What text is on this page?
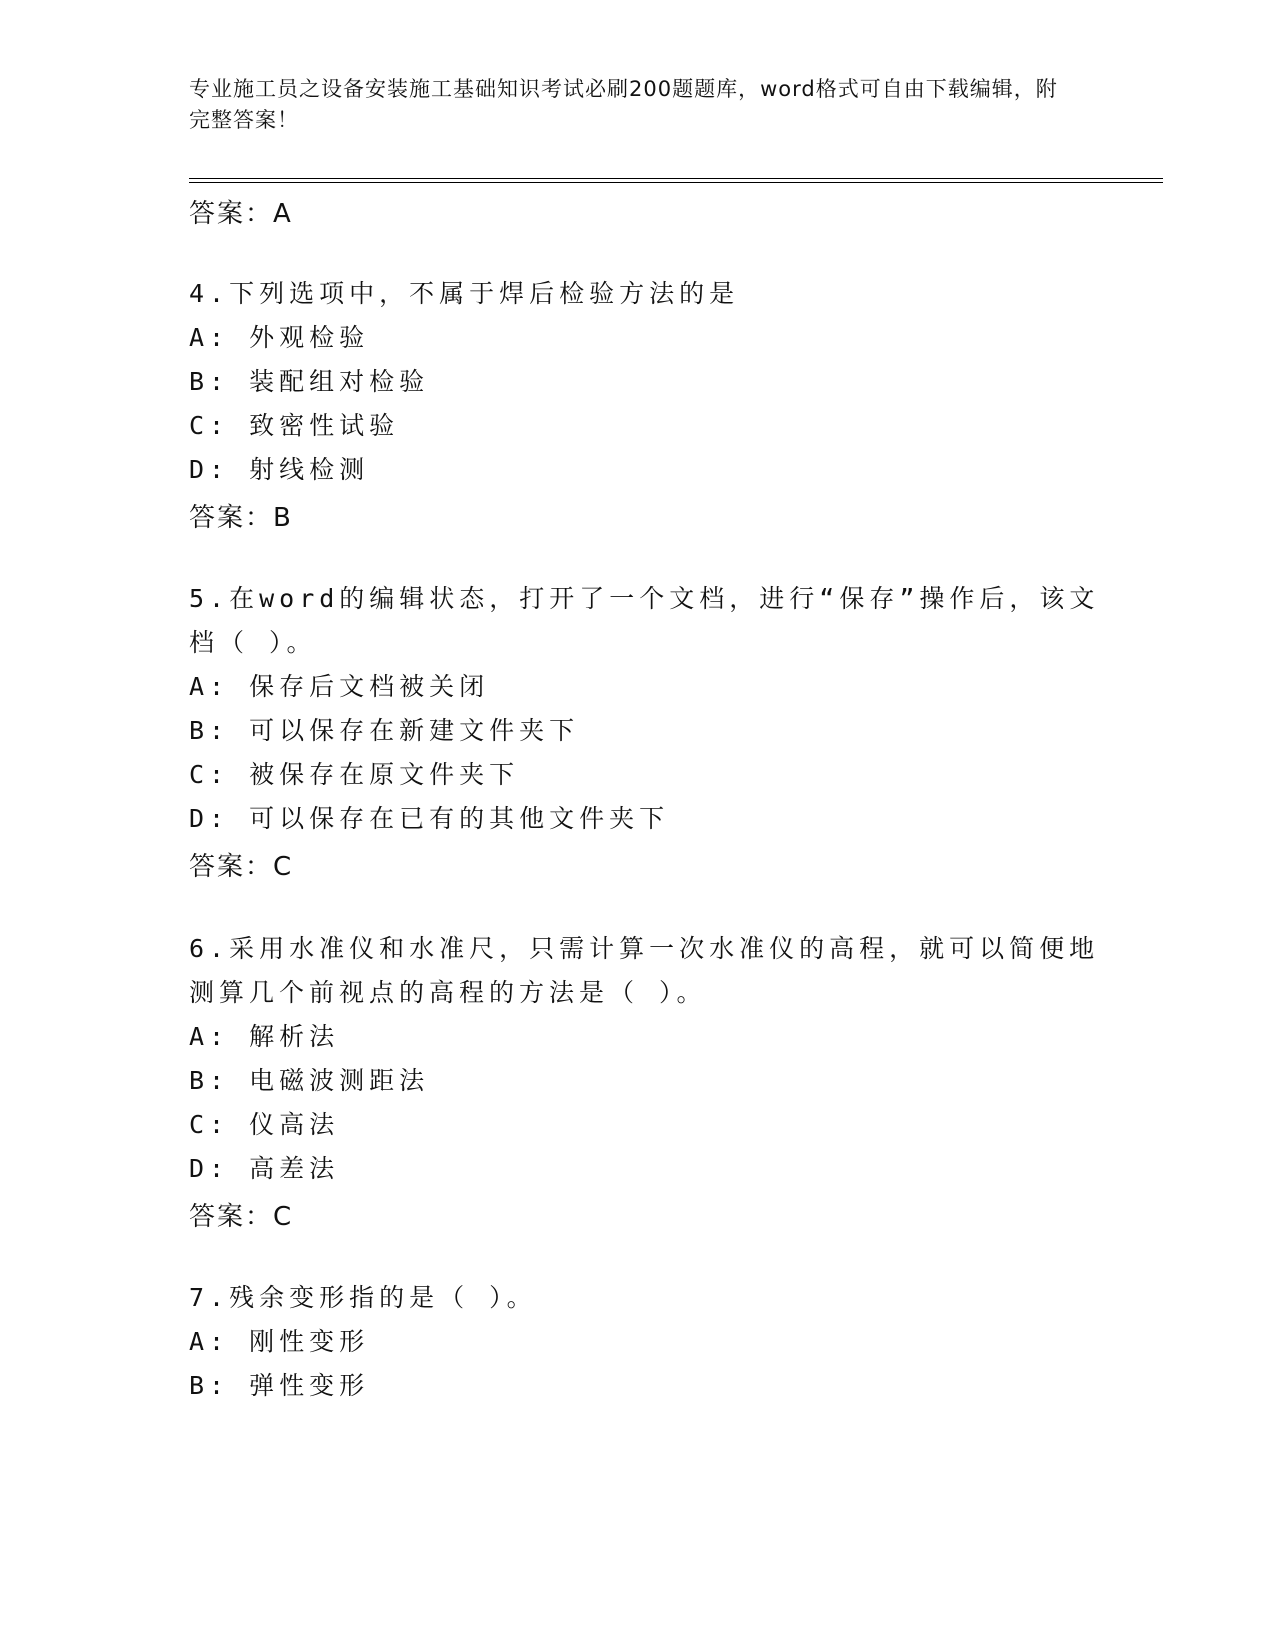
专业施工员之设备安装施工基础知识考试必刷200题题库，word格式可自由下载编辑，附完整答案！
答案：A
4.下列选项中，不属于焊后检验方法的是
A: 外观检验
B: 装配组对检验
C: 致密性试验
D: 射线检测
答案：B
5.在word的编辑状态，打开了一个文档，进行“保存”操作后，该文
档（ ）。
A: 保存后文档被关闭
B: 可以保存在新建文件夹下
C: 被保存在原文件夹下
D: 可以保存在已有的其他文件夹下
答案：C
6.采用水准仪和水准尺，只需计算一次水准仪的高程，就可以简便地
测算几个前视点的高程的方法是（ ）。
A: 解析法
B: 电磁波测距法
C: 仪高法
D: 高差法
答案：C
7.残余变形指的是（ ）。
A: 刚性变形
B: 弹性变形
